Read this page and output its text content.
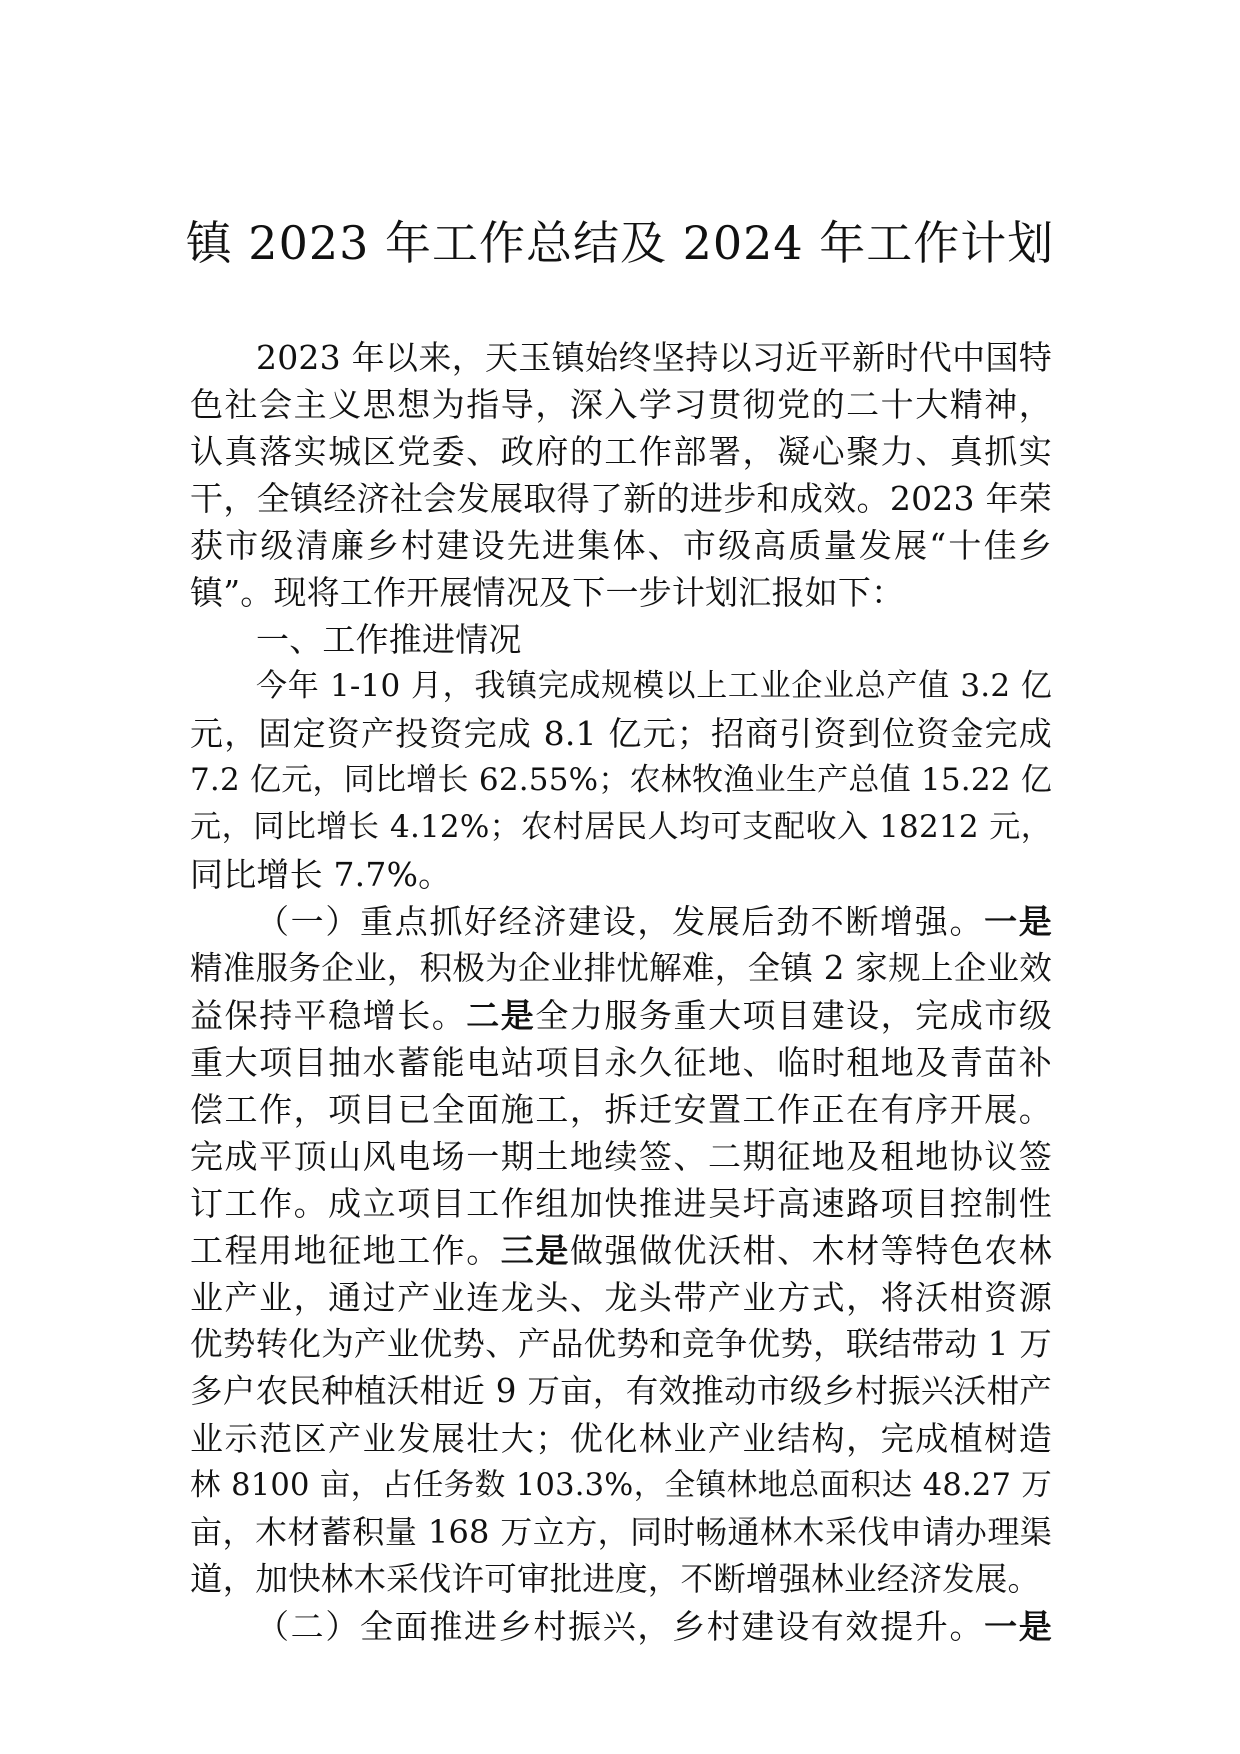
镇 2023 年工作总结及 2024 年工作计划
2023 年以来，天玉镇始终坚持以习近平新时代中国特
色社会主义思想为指导，深入学习贯彻党的二十大精神，
认真落实城区党委、政府的工作部署，凝心聚力、真抓实
干，全镇经济社会发展取得了新的进步和成效。2023 年荣
获市级清廉乡村建设先进集体、市级高质量发展“十佳乡
镇”。现将工作开展情况及下一步计划汇报如下：
一、工作推进情况
今年 1-10 月，我镇完成规模以上工业企业总产值 3.2 亿
元，固定资产投资完成 8.1 亿元；招商引资到位资金完成
7.2 亿元，同比增长 62.55%；农林牧渔业生产总值 15.22 亿
元，同比增长 4.12%；农村居民人均可支配收入 18212 元，
同比增长 7.7%。
（一）重点抓好经济建设，发展后劲不断增强。一是
精准服务企业，积极为企业排忧解难，全镇 2 家规上企业效
益保持平稳增长。二是全力服务重大项目建设，完成市级
重大项目抽水蓄能电站项目永久征地、临时租地及青苗补
偿工作，项目已全面施工，拆迁安置工作正在有序开展。
完成平顶山风电场一期土地续签、二期征地及租地协议签
订工作。成立项目工作组加快推进吴圩高速路项目控制性
工程用地征地工作。三是做强做优沃柑、木材等特色农林
业产业，通过产业连龙头、龙头带产业方式，将沃柑资源
优势转化为产业优势、产品优势和竞争优势，联结带动 1 万
多户农民种植沃柑近 9 万亩，有效推动市级乡村振兴沃柑产
业示范区产业发展壮大；优化林业产业结构，完成植树造
林 8100 亩，占任务数 103.3%，全镇林地总面积达 48.27 万
亩，木材蓄积量 168 万立方，同时畅通林木采伐申请办理渠
道，加快林木采伐许可审批进度，不断增强林业经济发展。
（二）全面推进乡村振兴，乡村建设有效提升。一是
